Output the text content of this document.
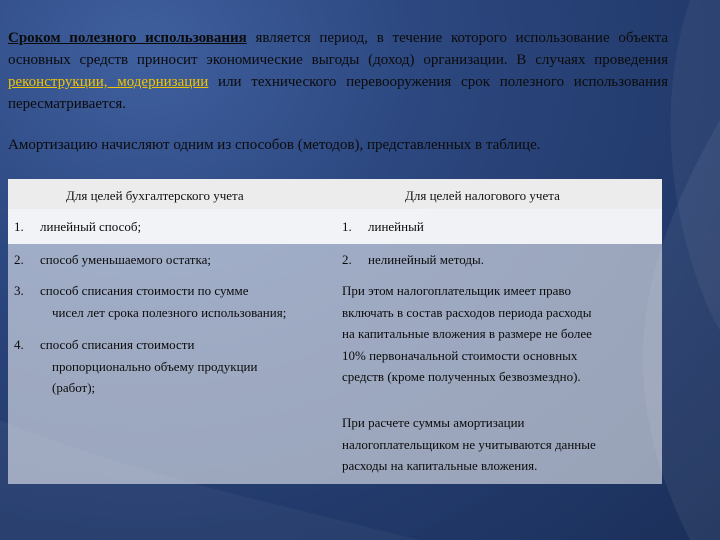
Сроком полезного использования является период, в течение которого использование объекта основных средств приносит экономические выгоды (доход) организации. В случаях проведения реконструкции, модернизации или технического перевооружения срок полезного использования пересматривается.
Амортизацию начисляют одним из способов (методов), представленных в таблице.
Для целей бухгалтерского учета	Для целей налогового учета
1. линейный способ;
2. способ уменьшаемого остатка;
3. способ списания стоимости по сумме
чисел лет срока полезного использования;
4. способ списания стоимости
пропорционально объему продукции
(работ);
1. линейный
2. нелинейный методы.
При этом налогоплательщик имеет право
включать в состав расходов периода расходы
на капитальные вложения в размере не более
10% первоначальной стоимости основных
средств (кроме полученных безвозмездно).
При расчете суммы амортизации
налогоплательщиком не учитываются данные
расходы на капитальные вложения.
